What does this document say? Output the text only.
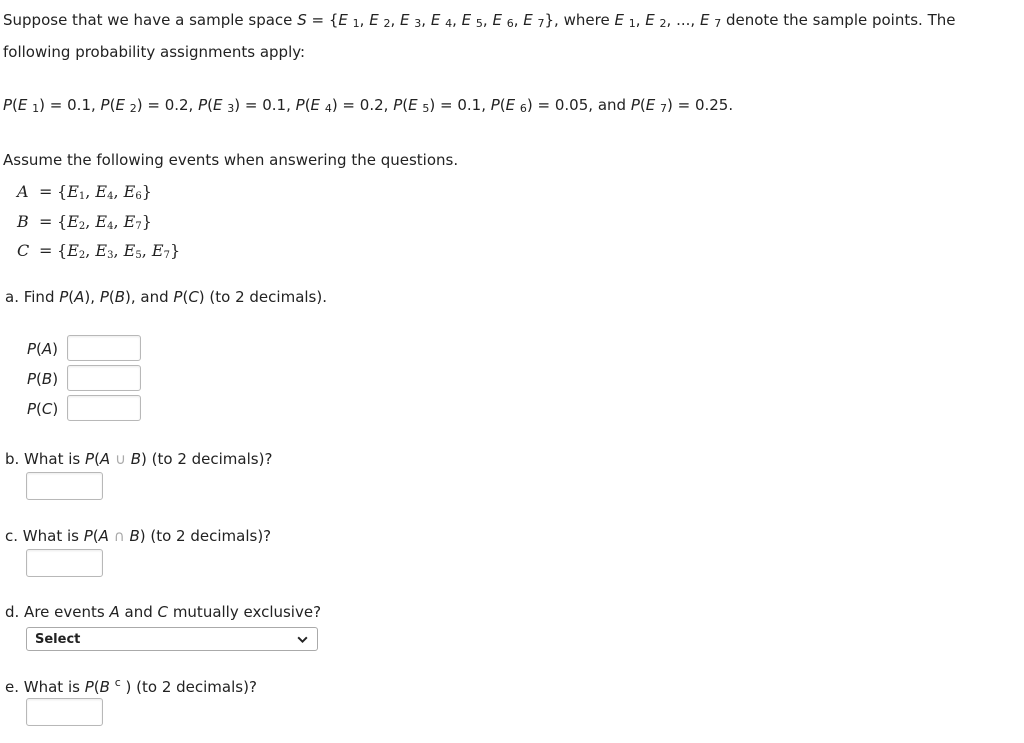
Suppose that we have a sample space S = {E $_1$, E $_2$, E $_3$, E $_4$, E $_5$, E $_6$, E $_7$}, where E $_1$, E $_2$, ..., E $_7$ denote the sample points. The
following probability assignments apply:
P(E $_1$) = 0.1, P(E $_2$) = 0.2, P(E $_3$) = 0.1, P(E $_4$) = 0.2, P(E $_5$) = 0.1, P(E $_6$) = 0.05, and P(E $_7$) = 0.25.
Assume the following events when answering the questions.
$A = \{E_1$, $E_4$, $E_6$}
$B = \{E_2$, $E_4$, $E_7$}
$C = \{E_2$, $E_3$, $E_5$, $E_7$}
a. Find P(A), P(B), and P(C) (to 2 decimals).
P(A)
P(B)
P(C)
b. What is P(A ∪ B) (to 2 decimals)?
c. What is P(A ∩ B) (to 2 decimals)?
d. Are events A and C mutually exclusive?
Select
e. What is P(B $^c$ ) (to 2 decimals)?
